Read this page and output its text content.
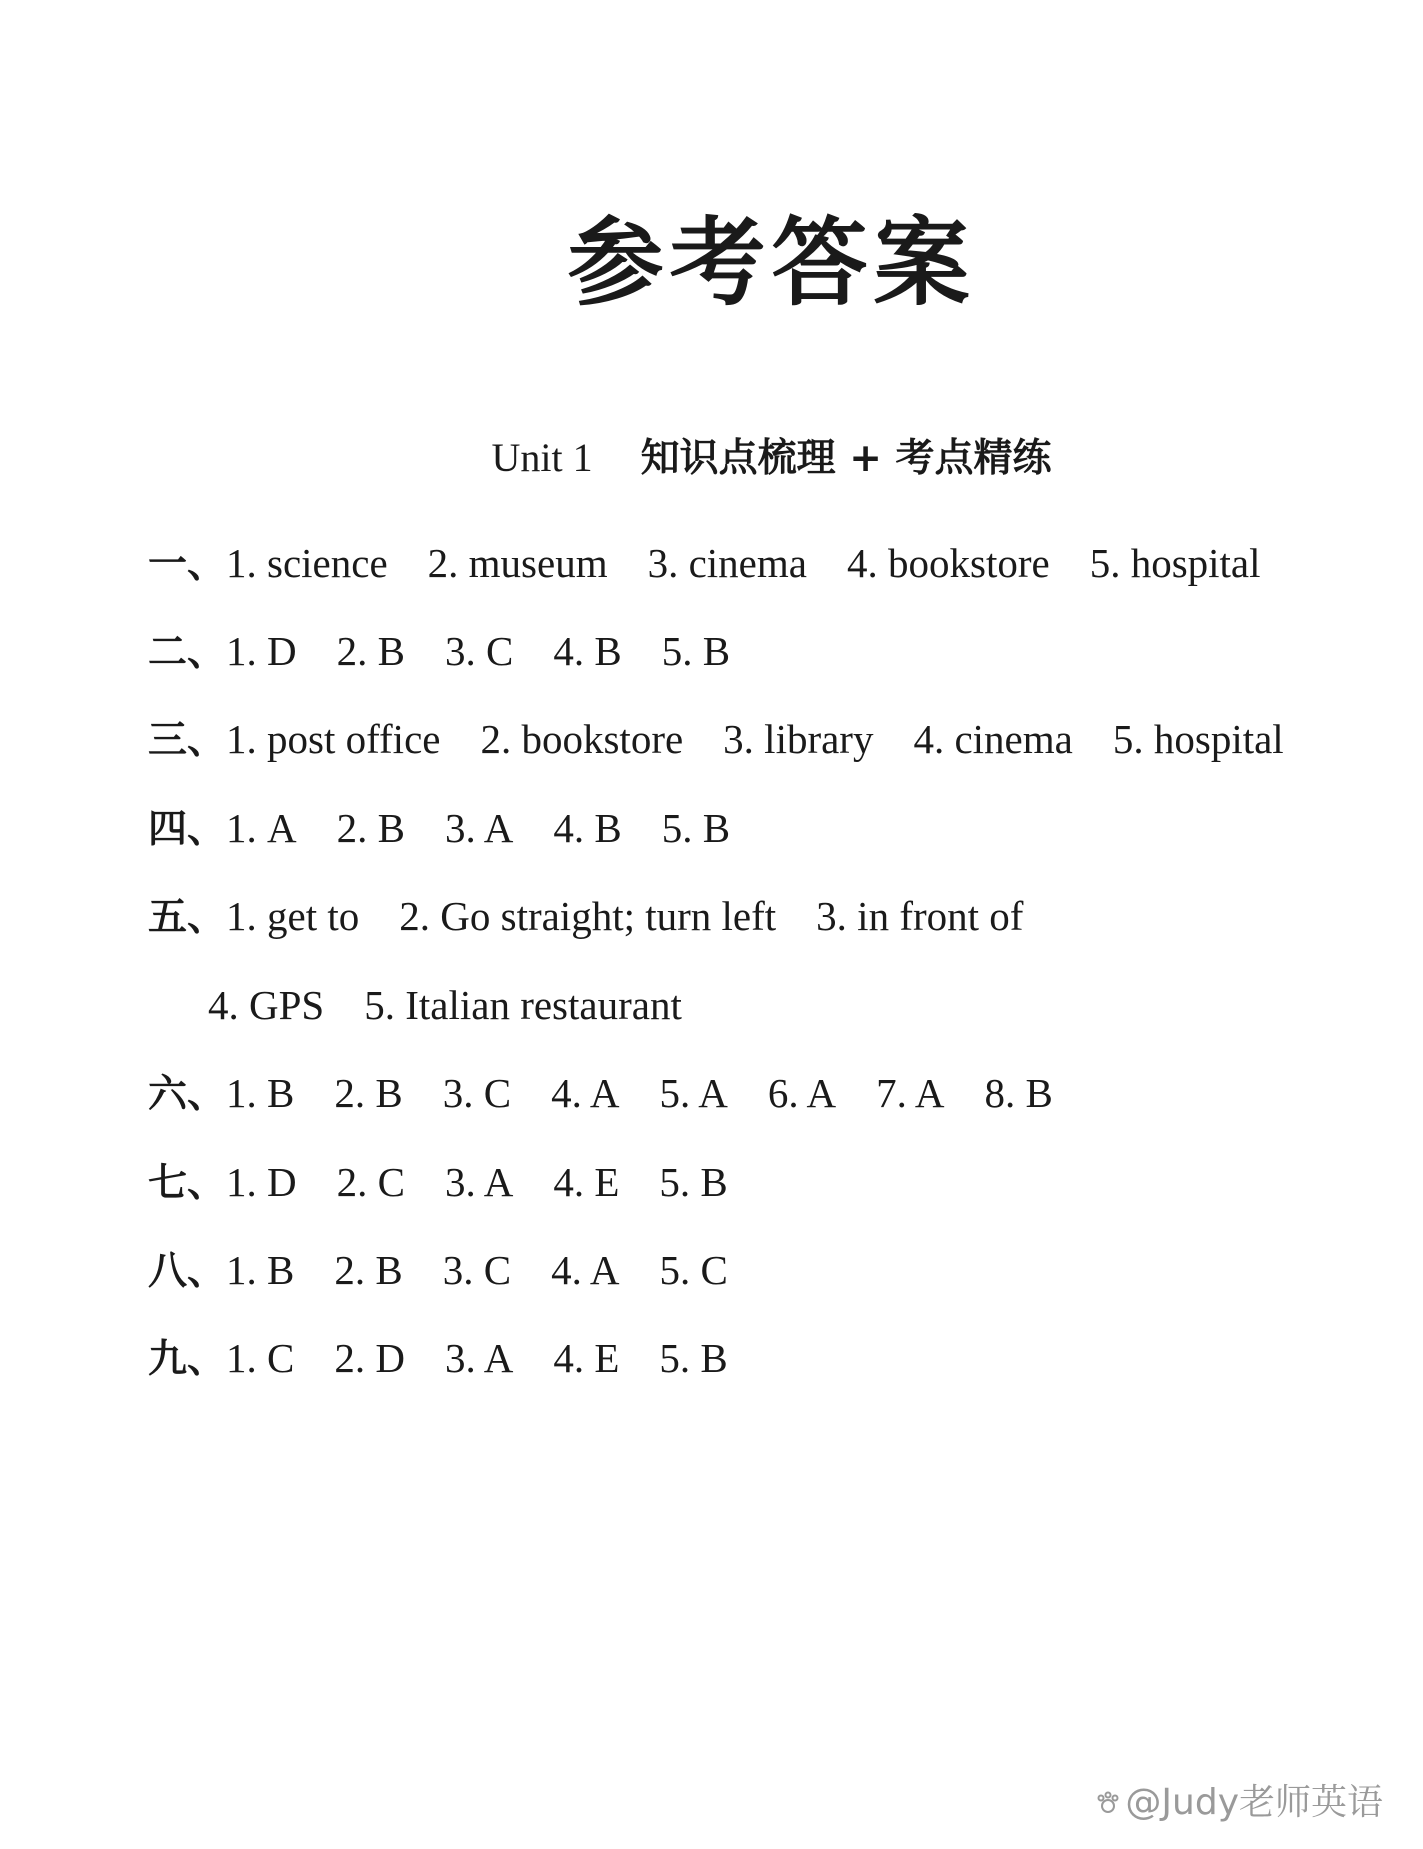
参考答案
Unit 1 知识点梳理 + 考点精练
一、1. science 2. museum 3. cinema 4. bookstore 5. hospital
二、1. D 2. B 3. C 4. B 5. B
三、1. post office 2. bookstore 3. library 4. cinema 5. hospital
四、1. A 2. B 3. A 4. B 5. B
五、1. get to 2. Go straight; turn left 3. in front of
4. GPS 5. Italian restaurant
六、1. B 2. B 3. C 4. A 5. A 6. A 7. A 8. B
七、1. D 2. C 3. A 4. E 5. B
八、1. B 2. B 3. C 4. A 5. C
九、1. C 2. D 3. A 4. E 5. B
@Judy老师英语
